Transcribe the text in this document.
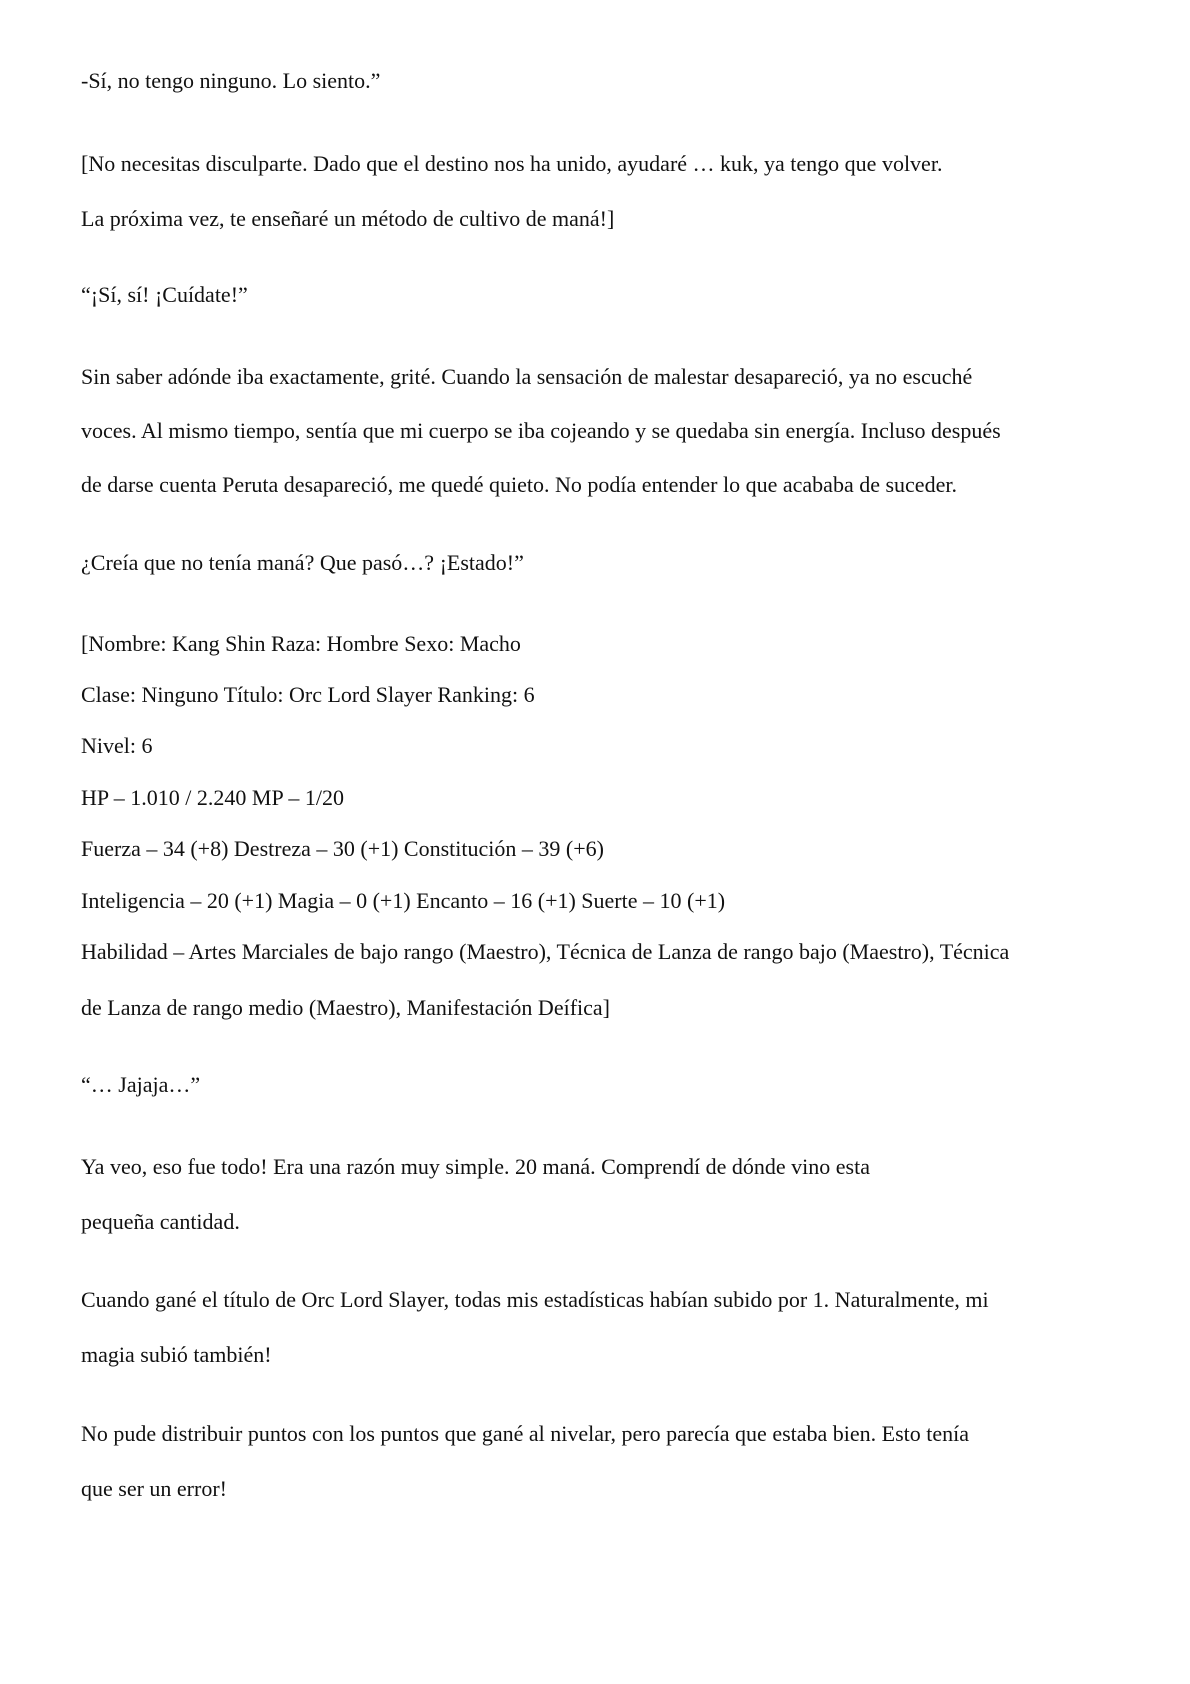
-Sí, no tengo ninguno. Lo siento.”
[No necesitas disculparte. Dado que el destino nos ha unido, ayudaré … kuk, ya tengo que volver.
La próxima vez, te enseñaré un método de cultivo de maná!]
“¡Sí, sí! ¡Cuídate!”
Sin saber adónde iba exactamente, grité. Cuando la sensación de malestar desapareció, ya no escuché
voces. Al mismo tiempo, sentía que mi cuerpo se iba cojeando y se quedaba sin energía. Incluso después
de darse cuenta Peruta desapareció, me quedé quieto. No podía entender lo que acababa de suceder.
¿Creía que no tenía maná? Que pasó…? ¡Estado!”
[Nombre: Kang Shin Raza: Hombre Sexo: Macho
Clase: Ninguno Título: Orc Lord Slayer Ranking: 6
Nivel: 6
HP – 1.010 / 2.240 MP – 1/20
Fuerza – 34 (+8) Destreza – 30 (+1) Constitución – 39 (+6)
Inteligencia – 20 (+1) Magia – 0 (+1) Encanto – 16 (+1) Suerte – 10 (+1)
Habilidad – Artes Marciales de bajo rango (Maestro), Técnica de Lanza de rango bajo (Maestro), Técnica
de Lanza de rango medio (Maestro), Manifestación Deífica]
“… Jajaja…”
Ya veo, eso fue todo! Era una razón muy simple. 20 maná. Comprendí de dónde vino esta
pequeña cantidad.
Cuando gané el título de Orc Lord Slayer, todas mis estadísticas habían subido por 1. Naturalmente, mi
magia subió también!
No pude distribuir puntos con los puntos que gané al nivelar, pero parecía que estaba bien. Esto tenía
que ser un error!
